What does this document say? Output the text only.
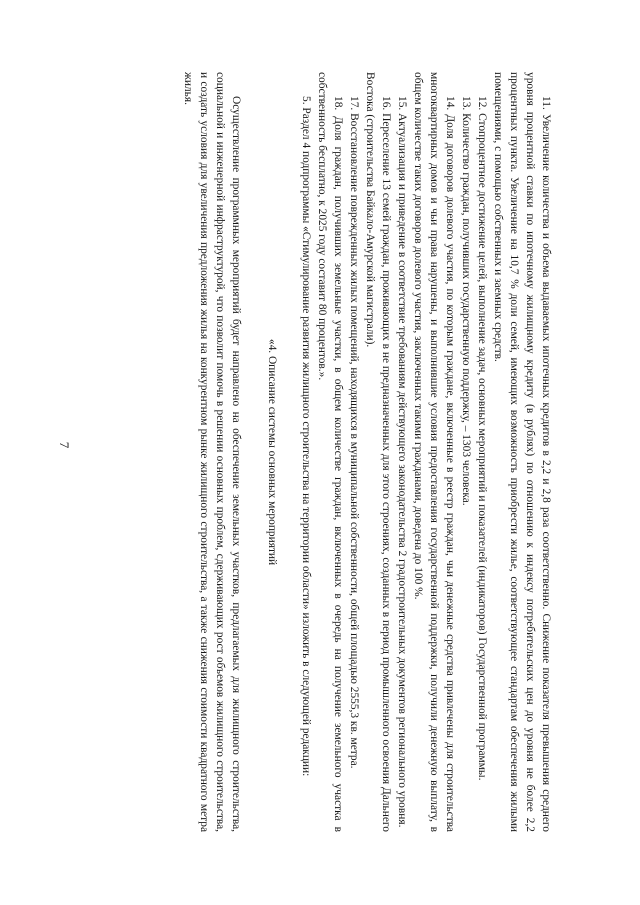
7	11. Увеличение количества и объема выдаваемых ипотечных кредитов в 2,2 и 2,8 раза соответственно. Снижение показателя превышения среднего уровня процентной ставки по ипотечному жилищному кредиту (в рублях) по отношению к индексу потребительских цен до уровня не более 2,2 процентных пункта. Увеличение на 10,7 % доли семей, имеющих возможность приобрести жилье, соответствующее стандартам обеспечения жилыми помещениями, с помощью собственных и заемных средств.

12. Стопроцентное достижение целей, выполнение задач, основных мероприятий и показателей (индикаторов) Государственной программы.

13. Количество граждан, получивших государственную поддержку, – 1303 человека.

14. Доля договоров долевого участия, по которым граждане, включенные в реестр граждан, чьи денежные средства привлечены для строительства многоквартирных домов и чьи права нарушены, и выполнившие условия предоставления государственной поддержки, получили денежную выплату, в общем количестве таких договоров долевого участия, заключенных такими гражданами, доведена до 100 %.

15. Актуализация и приведение в соответствие требованиям действующего законодательства 2 градостроительных документов регионального уровня.

16. Переселение 13 семей граждан, проживающих в не предназначенных для этого строениях, созданных в период промышленного освоения Дальнего Востока (строительства Байкало-Амурской магистрали).

17. Восстановление поврежденных жилых помещений, находящихся в муниципальной собственности, общей площадью 2555,3 кв. метра.

18. Доля граждан, получивших земельные участки, в общем количестве граждан, включенных в очередь на получение земельного участка в собственность бесплатно, к 2025 году составит 80 процентов.».

5. Раздел 4 подпрограммы «Стимулирование развития жилищного строительства на территории области» изложить в следующей редакции:

«4. Описание системы основных мероприятий

Осуществление программных мероприятий будет направлено на обеспечение земельных участков, предлагаемых для жилищного строительства, социальной и инженерной инфраструктурой, что позволит помочь в решении основных проблем, сдерживающих рост объемов жилищного строительства, и создать условия для увеличения предложения жилья на конкурентном рынке жилищного строительства, а также снижения стоимости квадратного метра жилья.
